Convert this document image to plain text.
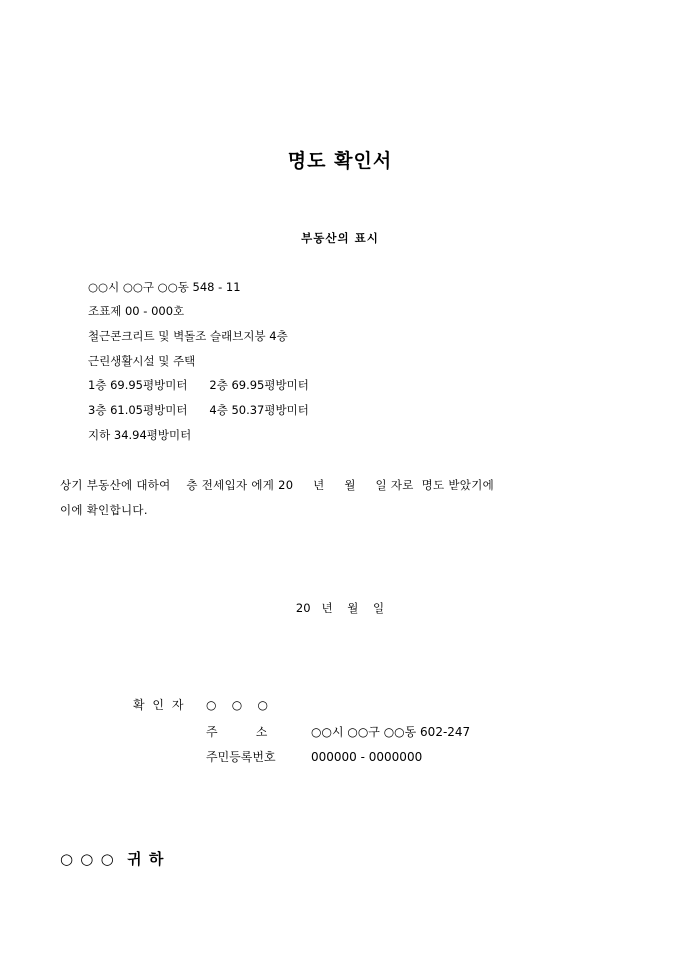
명도 확인서
부동산의 표시
○○시 ○○구 ○○동 548 - 11
조표제 00 - 000호
철근콘크리트 및 벽돌조 슬래브지붕 4층
근린생활시설 및 주택
1층 69.95평방미터      2층 69.95평방미터
3층 61.05평방미터      4층 50.37평방미터
지하 34.94평방미터
상기 부동산에 대하여    층 전세입자 에게 20     년     월     일 자로  명도 받았기에
이에 확인합니다.
20   년    월    일
확 인 자 ○    ○    ○
주          소	○○시 ○○구 ○○동 602-247
주민등록번호	000000 - 0000000
○ ○ ○  귀 하
